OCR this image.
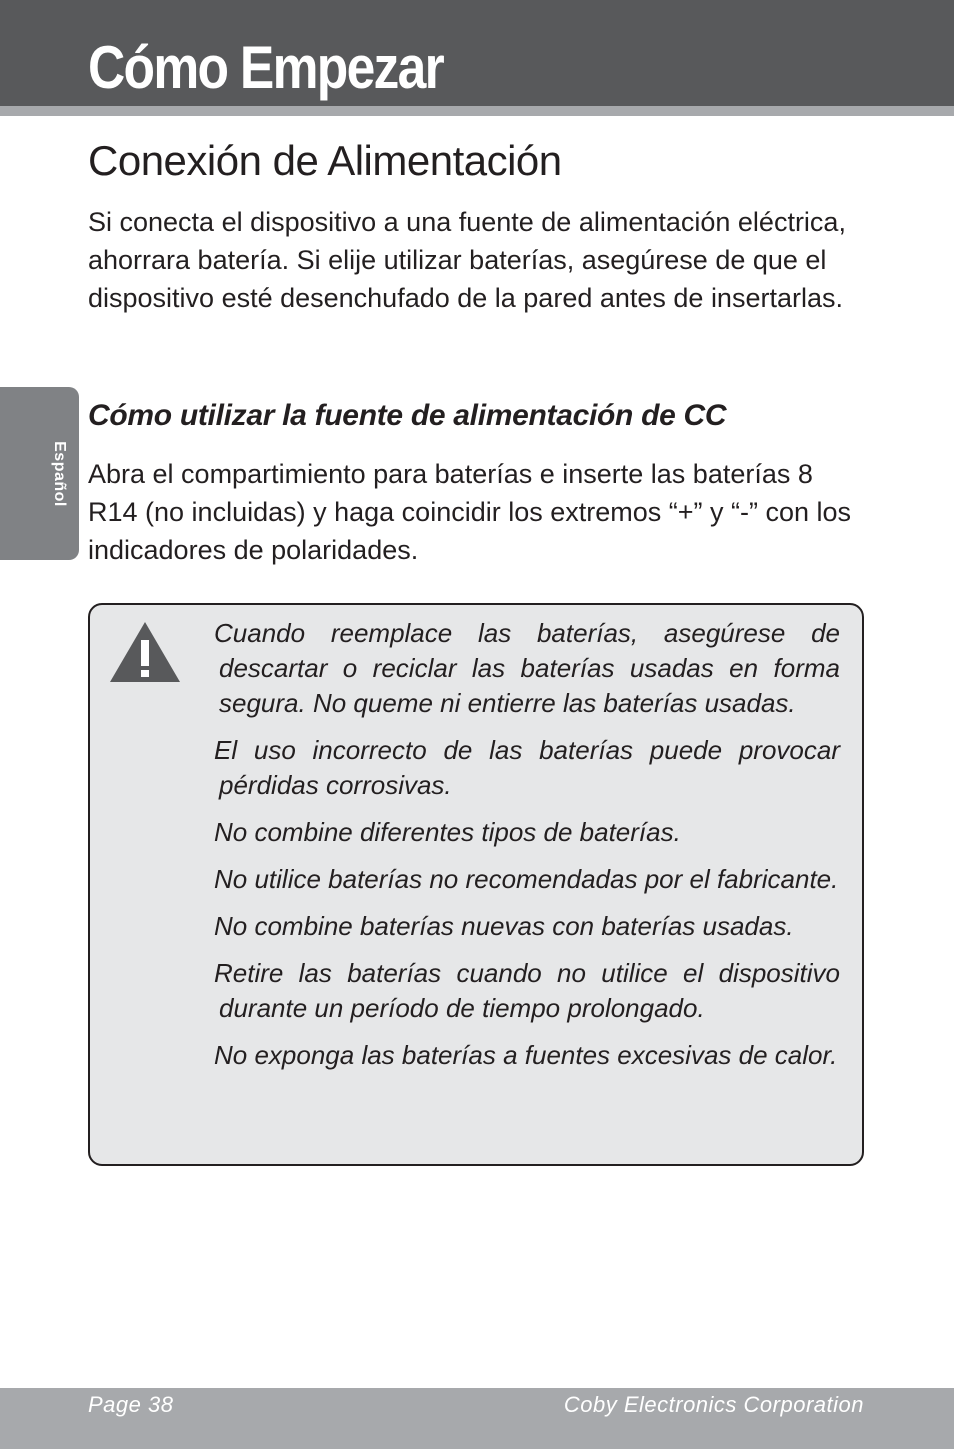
Cómo Empezar

Español

Conexión de Alimentación

Si conecta el dispositivo a una fuente de alimentación eléctrica, ahorrara batería. Si elije utilizar baterías, asegúrese de que el dispositivo esté desenchufado de la pared antes de insertarlas.

Cómo utilizar la fuente de alimentación de CC

Abra el compartimiento para baterías e inserte las baterías 8 R14 (no incluidas) y haga coincidir los extremos “+” y “-” con los indicadores de polaridades.

Cuando reemplace las baterías, asegúrese de descartar o reciclar las baterías usadas en forma segura. No queme ni entierre las baterías usadas.
El uso incorrecto de las baterías puede provocar pérdidas corrosivas.
No combine diferentes tipos de baterías.
No utilice baterías no recomendadas por el fabricante.
No combine baterías nuevas con baterías usadas.
Retire las baterías cuando no utilice el dispositivo durante un período de tiempo prolongado.
No exponga las baterías a fuentes excesivas de calor.

Page 38	Coby Electronics Corporation
